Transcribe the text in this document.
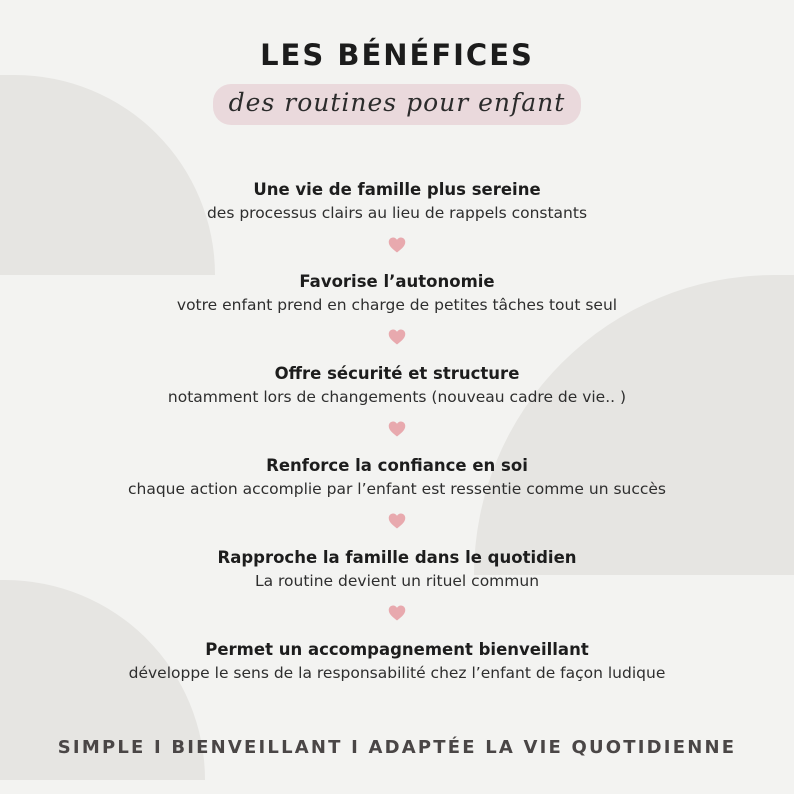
LES BÉNÉFICES
des routines pour enfant
Une vie de famille plus sereine
des processus clairs au lieu de rappels constants
Favorise l’autonomie
votre enfant prend en charge de petites tâches tout seul
Offre sécurité et structure
notamment lors de changements (nouveau cadre de vie.. )
Renforce la confiance en soi
chaque action accomplie par l’enfant est ressentie comme un succès
Rapproche la famille dans le quotidien
La routine devient un rituel commun
Permet un accompagnement bienveillant
développe le sens de la responsabilité chez l’enfant de façon ludique
SIMPLE I BIENVEILLANT I ADAPTÉE LA VIE QUOTIDIENNE
